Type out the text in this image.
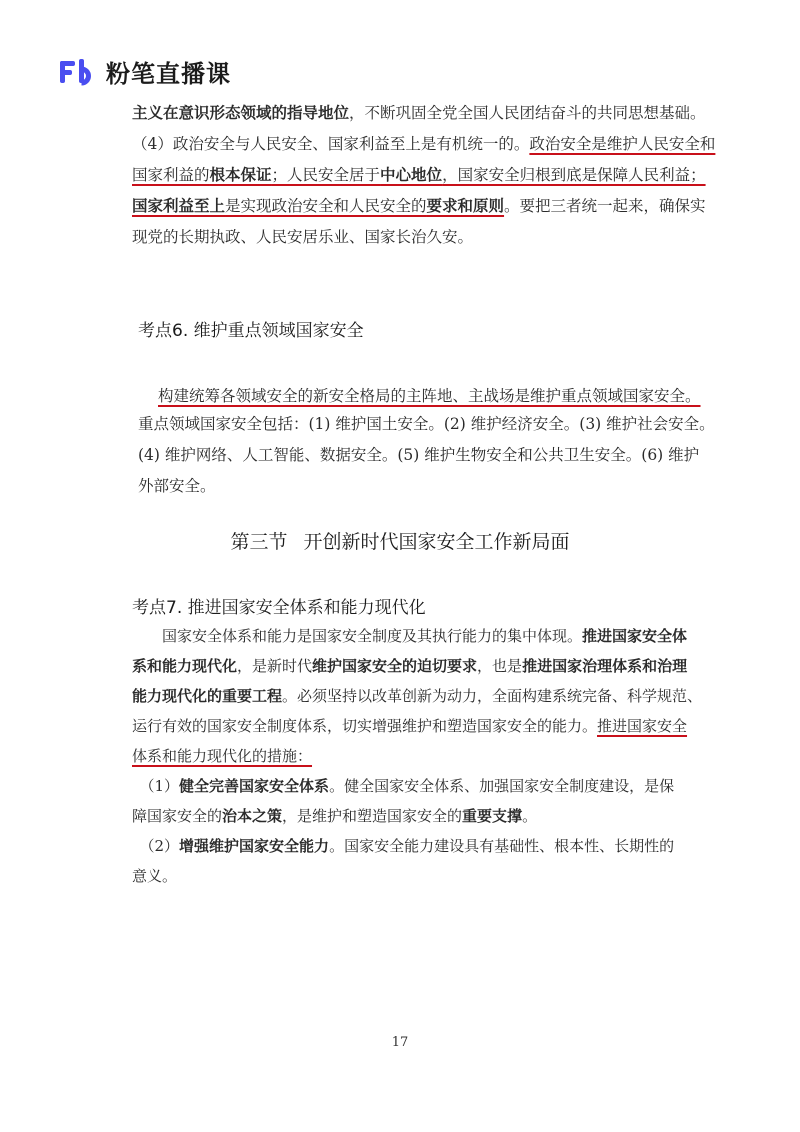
粉笔直播课

主义在意识形态领域的指导地位，不断巩固全党全国人民团结奋斗的共同思想基础。

（4）政治安全与人民安全、国家利益至上是有机统一的。政治安全是维护人民安全和

国家利益的根本保证；人民安全居于中心地位，国家安全归根到底是保障人民利益；

国家利益至上是实现政治安全和人民安全的要求和原则。要把三者统一起来，确保实

现党的长期执政、人民安居乐业、国家长治久安。

考点6. 维护重点领域国家安全

构建统筹各领域安全的新安全格局的主阵地、主战场是维护重点领域国家安全。

重点领域国家安全包括：(1) 维护国土安全。(2) 维护经济安全。(3) 维护社会安全。

(4) 维护网络、人工智能、数据安全。(5) 维护生物安全和公共卫生安全。(6) 维护

外部安全。

第三节 开创新时代国家安全工作新局面
考点7. 推进国家安全体系和能力现代化

　　国家安全体系和能力是国家安全制度及其执行能力的集中体现。推进国家安全体

系和能力现代化，是新时代维护国家安全的迫切要求，也是推进国家治理体系和治理

能力现代化的重要工程。必须坚持以改革创新为动力，全面构建系统完备、科学规范、

运行有效的国家安全制度体系，切实增强维护和塑造国家安全的能力。推进国家安全

体系和能力现代化的措施：

　（1）健全完善国家安全体系。健全国家安全体系、加强国家安全制度建设，是保

障国家安全的治本之策，是维护和塑造国家安全的重要支撑。

　（2）增强维护国家安全能力。国家安全能力建设具有基础性、根本性、长期性的

意义。

17
